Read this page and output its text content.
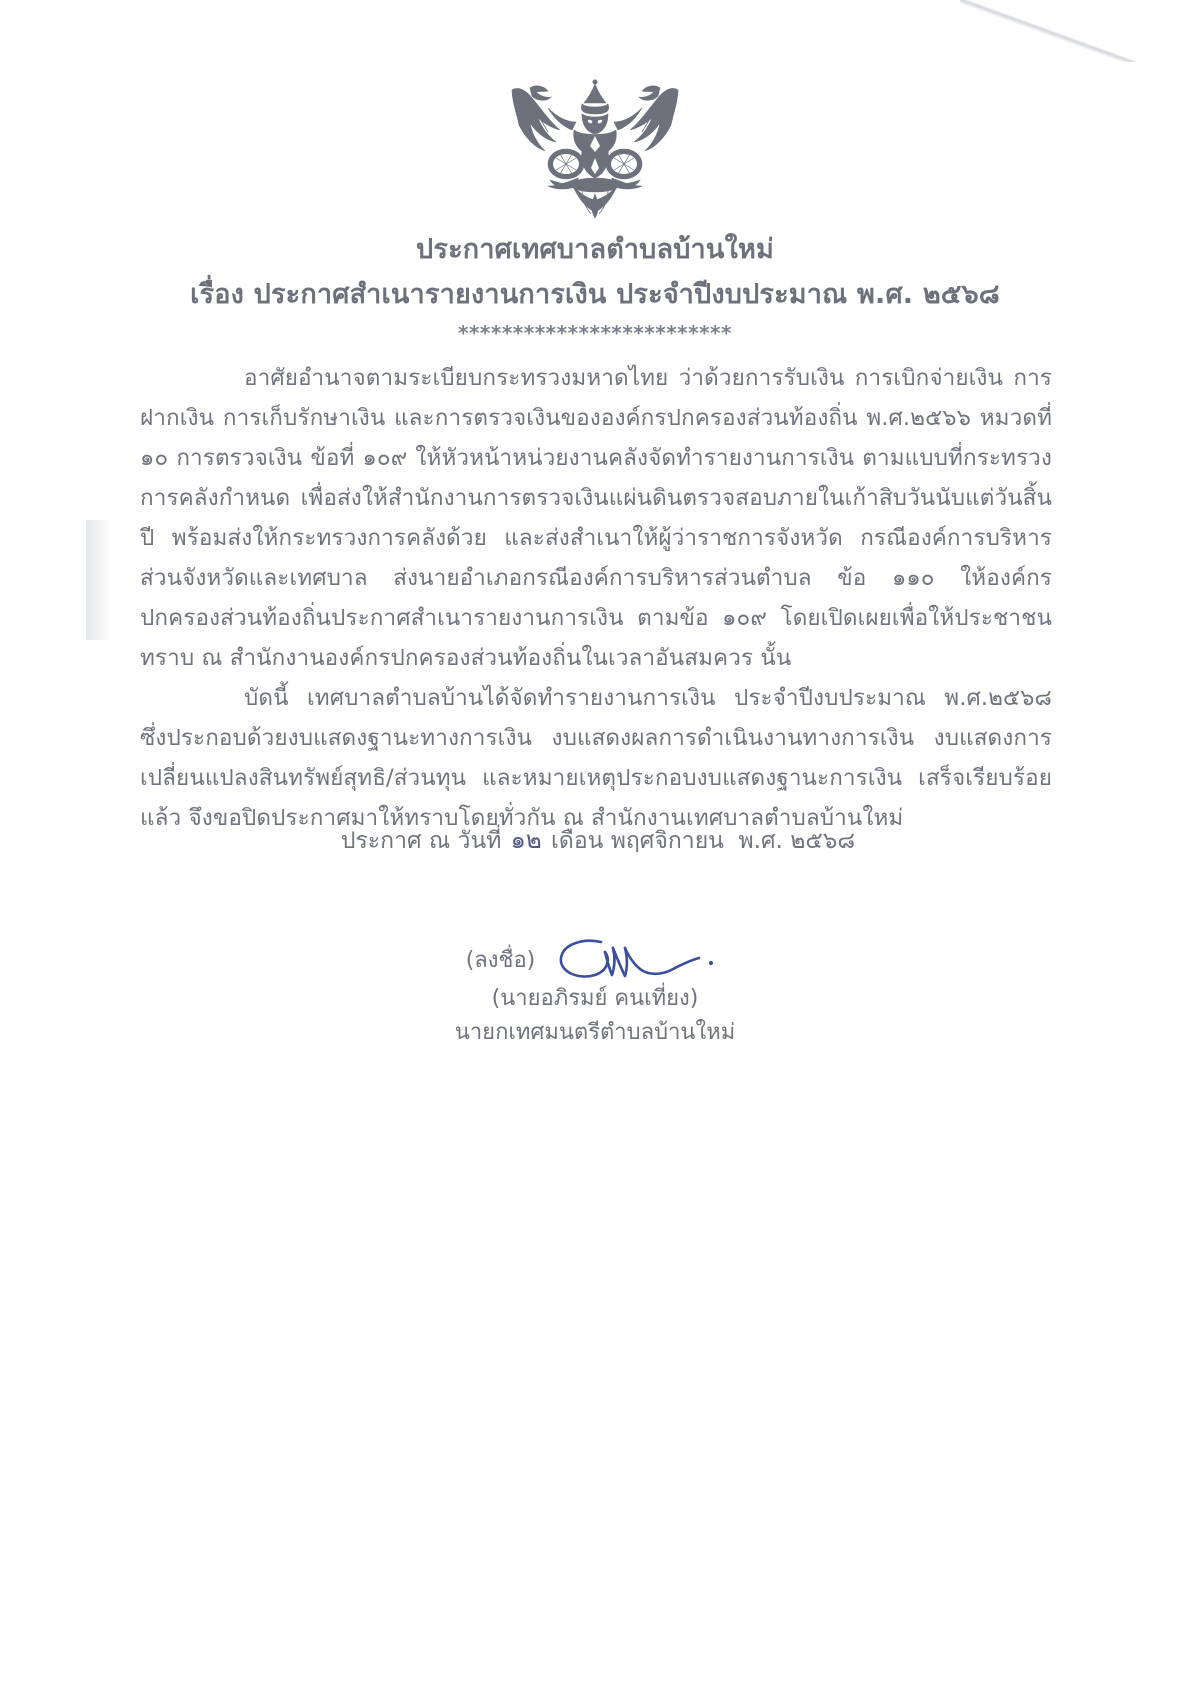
ประกาศเทศบาลตำบลบ้านใหม่
เรื่อง ประกาศสำเนารายงานการเงิน ประจำปีงบประมาณ พ.ศ. ๒๕๖๘
*************************

อาศัยอำนาจตามระเบียบกระทรวงมหาดไทย ว่าด้วยการรับเงิน การเบิกจ่ายเงิน การฝากเงิน การเก็บรักษาเงิน และการตรวจเงินขององค์กรปกครองส่วนท้องถิ่น พ.ศ.๒๕๖๖ หมวดที่ ๑๐ การตรวจเงิน ข้อที่ ๑๐๙ ให้หัวหน้าหน่วยงานคลังจัดทำรายงานการเงิน ตามแบบที่กระทรวงการคลังกำหนด เพื่อส่งให้สำนักงานการตรวจเงินแผ่นดินตรวจสอบภายในเก้าสิบวันนับแต่วันสิ้นปี พร้อมส่งให้กระทรวงการคลังด้วย และส่งสำเนาให้ผู้ว่าราชการจังหวัด กรณีองค์การบริหารส่วนจังหวัดและเทศบาล ส่งนายอำเภอกรณีองค์การบริหารส่วนตำบล ข้อ ๑๑๐ ให้องค์กรปกครองส่วนท้องถิ่นประกาศสำเนารายงานการเงิน ตามข้อ ๑๐๙ โดยเปิดเผยเพื่อให้ประชาชนทราบ ณ สำนักงานองค์กรปกครองส่วนท้องถิ่นในเวลาอันสมควร นั้น

บัดนี้ เทศบาลตำบลบ้านได้จัดทำรายงานการเงิน ประจำปีงบประมาณ พ.ศ.๒๕๖๘ ซึ่งประกอบด้วยงบแสดงฐานะทางการเงิน งบแสดงผลการดำเนินงานทางการเงิน งบแสดงการเปลี่ยนแปลงสินทรัพย์สุทธิ/ส่วนทุน และหมายเหตุประกอบงบแสดงฐานะการเงิน เสร็จเรียบร้อยแล้ว จึงขอปิดประกาศมาให้ทราบโดยทั่วกัน ณ สำนักงานเทศบาลตำบลบ้านใหม่

ประกาศ ณ วันที่ ๑๒ เดือน พฤศจิกายน พ.ศ. ๒๕๖๘
(ลงชื่อ)
(นายอภิรมย์ คนเที่ยง)
นายกเทศมนตรีตำบลบ้านใหม่
